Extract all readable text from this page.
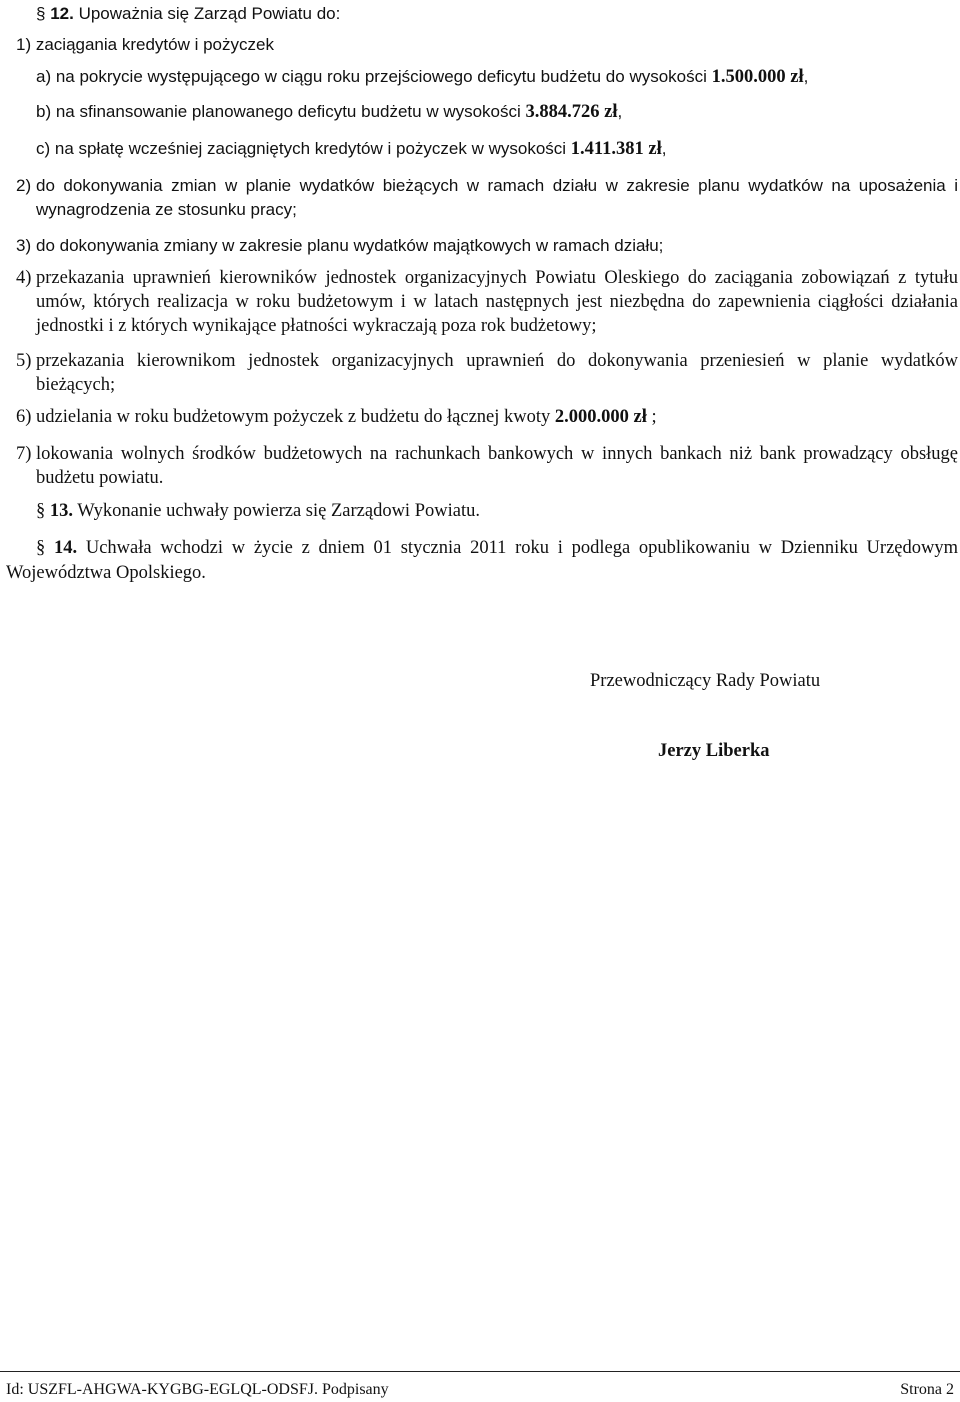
§ 12. Upoważnia się Zarząd Powiatu do:
1) zaciągania kredytów i pożyczek
a) na pokrycie występującego w ciągu roku przejściowego deficytu budżetu do wysokości 1.500.000 zł,
b) na sfinansowanie planowanego deficytu budżetu w wysokości 3.884.726 zł,
c) na spłatę wcześniej zaciągniętych kredytów i pożyczek w wysokości 1.411.381 zł,
2) do dokonywania zmian w planie wydatków bieżących w ramach działu w zakresie planu wydatków na uposażenia i wynagrodzenia ze stosunku pracy;
3) do dokonywania zmiany w zakresie planu wydatków majątkowych w ramach działu;
4) przekazania uprawnień kierowników jednostek organizacyjnych Powiatu Oleskiego do zaciągania zobowiązań z tytułu umów, których realizacja w roku budżetowym i w latach następnych jest niezbędna do zapewnienia ciągłości działania jednostki i z których wynikające płatności wykraczają poza rok budżetowy;
5) przekazania kierownikom jednostek organizacyjnych uprawnień do dokonywania przeniesień w planie wydatków bieżących;
6) udzielania w roku budżetowym pożyczek z budżetu do łącznej kwoty 2.000.000 zł ;
7) lokowania wolnych środków budżetowych na rachunkach bankowych w innych bankach niż bank prowadzący obsługę budżetu powiatu.
§ 13. Wykonanie uchwały powierza się Zarządowi Powiatu.
§ 14. Uchwała wchodzi w życie z dniem 01 stycznia 2011 roku i podlega opublikowaniu w Dzienniku Urzędowym Województwa Opolskiego.
Przewodniczący Rady Powiatu
Jerzy Liberka
Id: USZFL-AHGWA-KYGBG-EGLQL-ODSFJ. Podpisany	Strona 2
